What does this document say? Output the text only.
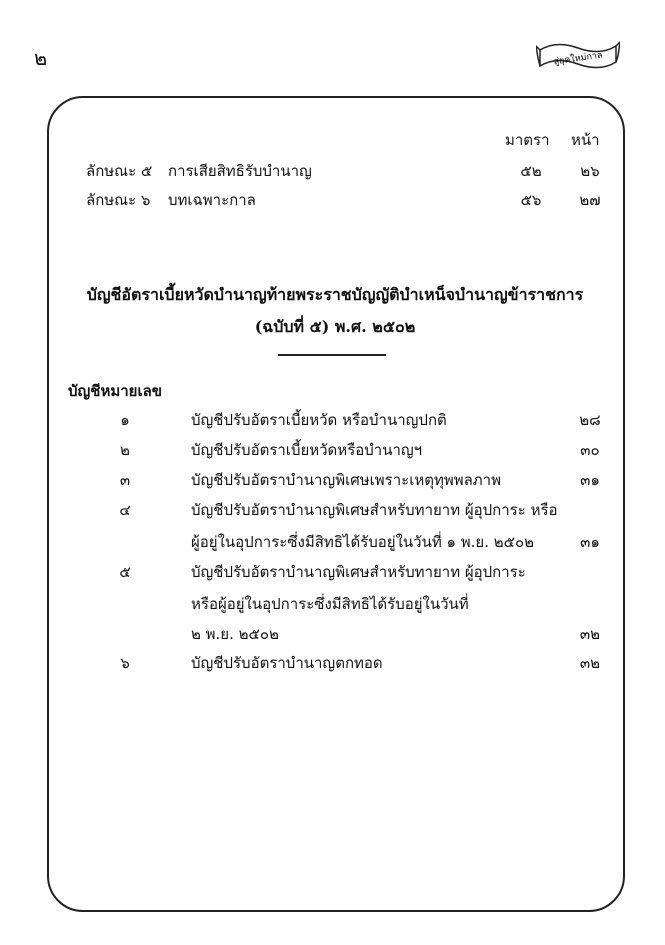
๒	สู่ยุคใหม่กาล
มาตรา หน้า
ลักษณะ ๕ การเสียสิทธิรับบำนาญ	๕๒	๒๖
ลักษณะ ๖ บทเฉพาะกาล	๕๖	๒๗
บัญชีอัตราเบี้ยหวัดบำนาญท้ายพระราชบัญญัติบำเหน็จบำนาญข้าราชการ
(ฉบับที่ ๕) พ.ศ. ๒๕๐๒
บัญชีหมายเลข
๑	บัญชีปรับอัตราเบี้ยหวัด หรือบำนาญปกติ	๒๘
๒	บัญชีปรับอัตราเบี้ยหวัดหรือบำนาญฯ	๓๐
๓	บัญชีปรับอัตราบำนาญพิเศษเพราะเหตุทุพพลภาพ	๓๑
๔	บัญชีปรับอัตราบำนาญพิเศษสำหรับทายาท ผู้อุปการะ หรือ
ผู้อยู่ในอุปการะซึ่งมีสิทธิได้รับอยู่ในวันที่ ๑ พ.ย. ๒๕๐๒	๓๑
๕	บัญชีปรับอัตราบำนาญพิเศษสำหรับทายาท ผู้อุปการะ
หรือผู้อยู่ในอุปการะซึ่งมีสิทธิได้รับอยู่ในวันที่
๒ พ.ย. ๒๕๐๒	๓๒
๖	บัญชีปรับอัตราบำนาญตกทอด	๓๒
